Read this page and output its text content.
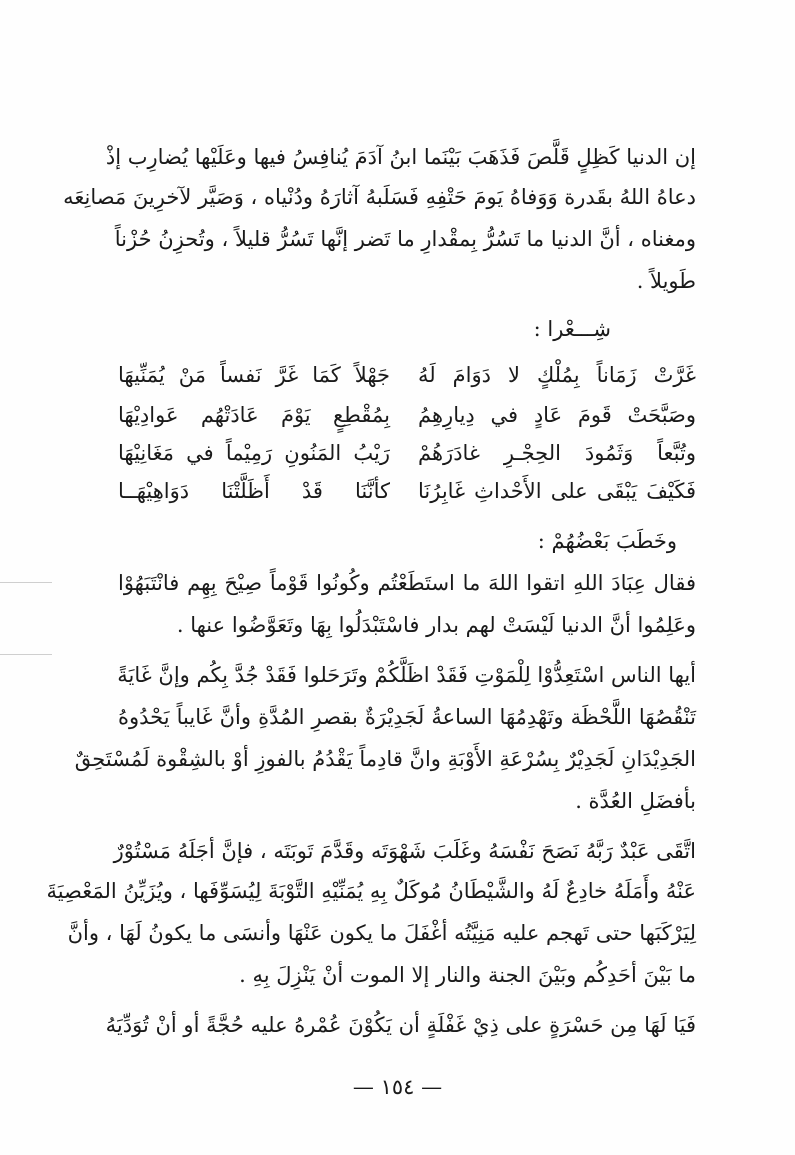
إن الدنيا كَظِلٍ قَلَّصَ فَذَهَبَ بَيْنَما ابنُ آدَمَ يُنافِسُ فيها وعَلَيْها يُضارِب إذْ
دعاهُ اللهُ بقَدرة وَوَفاهُ يَومَ حَتْفِهِ فَسَلَبهُ آثارَهُ ودُنْياه ، وَصَيَّر لآخرِينَ مَصانِعَه
ومغناه ، أنَّ الدنيا ما تَسُرُّ بِمقْدارِ ما تَضر إنَّها تَسُرُّ قليلاً ، وتُحزِنُ حُزْناً
طَويلاً .
شِـــعْرا :
غَرَّتْ زَمَاناً بِمُلْكٍ لا دَوَامَ لَهُ
جَهْلاً كَمَا غَرَّ نَفساً مَنْ يُمَنِّيهَا
وصَبَّحَتْ قَومَ عَادٍ في دِيارِهِمُ
بِمُقْطِعٍ يَوْمَ عَادَتْهُم عَوادِيْهَا
وتُبَّعاً وَثَمُودَ الحِجْـرِ غادَرَهُمْ
رَيْبُ المَنُونِ رَمِيْماً في مَغَانِيْهَا
فَكَيْفَ يَبْقَى على الأَحْداثِ غَابِرُنَا
كأنَّنَا قَدْ أَظَلَّتْنَا دَوَاهِيْهَــا
وخَطَبَ بَعْضُهُمْ :
فقال عِبَادَ اللهِ اتقوا اللهَ ما استَطَعْتُم وكُونُوا قَوْماً صِيْحَ بِهِم فانْتَبَهُوْا
وعَلِمُوا أنَّ الدنيا لَيْسَتْ لهم بدار فاسْتَبْدَلُوا بِهَا وتَعَوَّضُوا عنها .
أيها الناس اسْتَعِدُّوْا لِلْمَوْتِ فَقَدْ اظَلَّكُمْ وتَرَحَلوا فَقَدْ جُدَّ بِكُم وإنَّ غَايَةً
تَنْقُصُهَا اللَّحْظَة وتَهْدِمُهَا الساعةُ لَجَدِيْرَةٌ بقصرِ المُدَّةِ وأنَّ غَايباً يَحْدُوهُ
الجَدِيْدَانِ لَجَدِيْرٌ بِسُرْعَةِ الأَوْبَةِ وانَّ قادِماً يَقْدُمُ بالفوزِ أوْ بالشِقْوة لَمُسْتَحِقٌ
بأفضَلِ العُدَّة .
اتَّقَى عَبْدٌ رَبَّهُ نَصَحَ نَفْسَهُ وغَلَبَ شَهْوَتَه وقَدَّمَ تَوبَتَه ، فإنَّ أجَلَهُ مَسْتُوْرٌ
عَنْهُ وأَمَلَهُ خادِعٌ لَهُ والشَّيْطَانُ مُوكَلٌ بِهِ يُمَنِّيْهِ التَّوْبَةَ لِيُسَوِّفَها ، ويُزَيِّنُ المَعْصِيَةَ
لِيَرْكَبَها حتى تَهجم عليه مَنِيَّتُه أغْفَلَ ما يكون عَنْهَا وأنسَى ما يكونُ لَهَا ، وأنَّ
ما بَيْنَ أحَدِكُم وبَيْنَ الجنة والنار إلا الموت أنْ يَنْزِلَ بِهِ .
فَيَا لَهَا مِن حَسْرَةٍ على ذِيْ غَفْلَةٍ أن يَكُوْنَ عُمْرهُ عليه حُجَّةً أو أنْ تُوَدِّيَهُ
— ١٥٤ —
